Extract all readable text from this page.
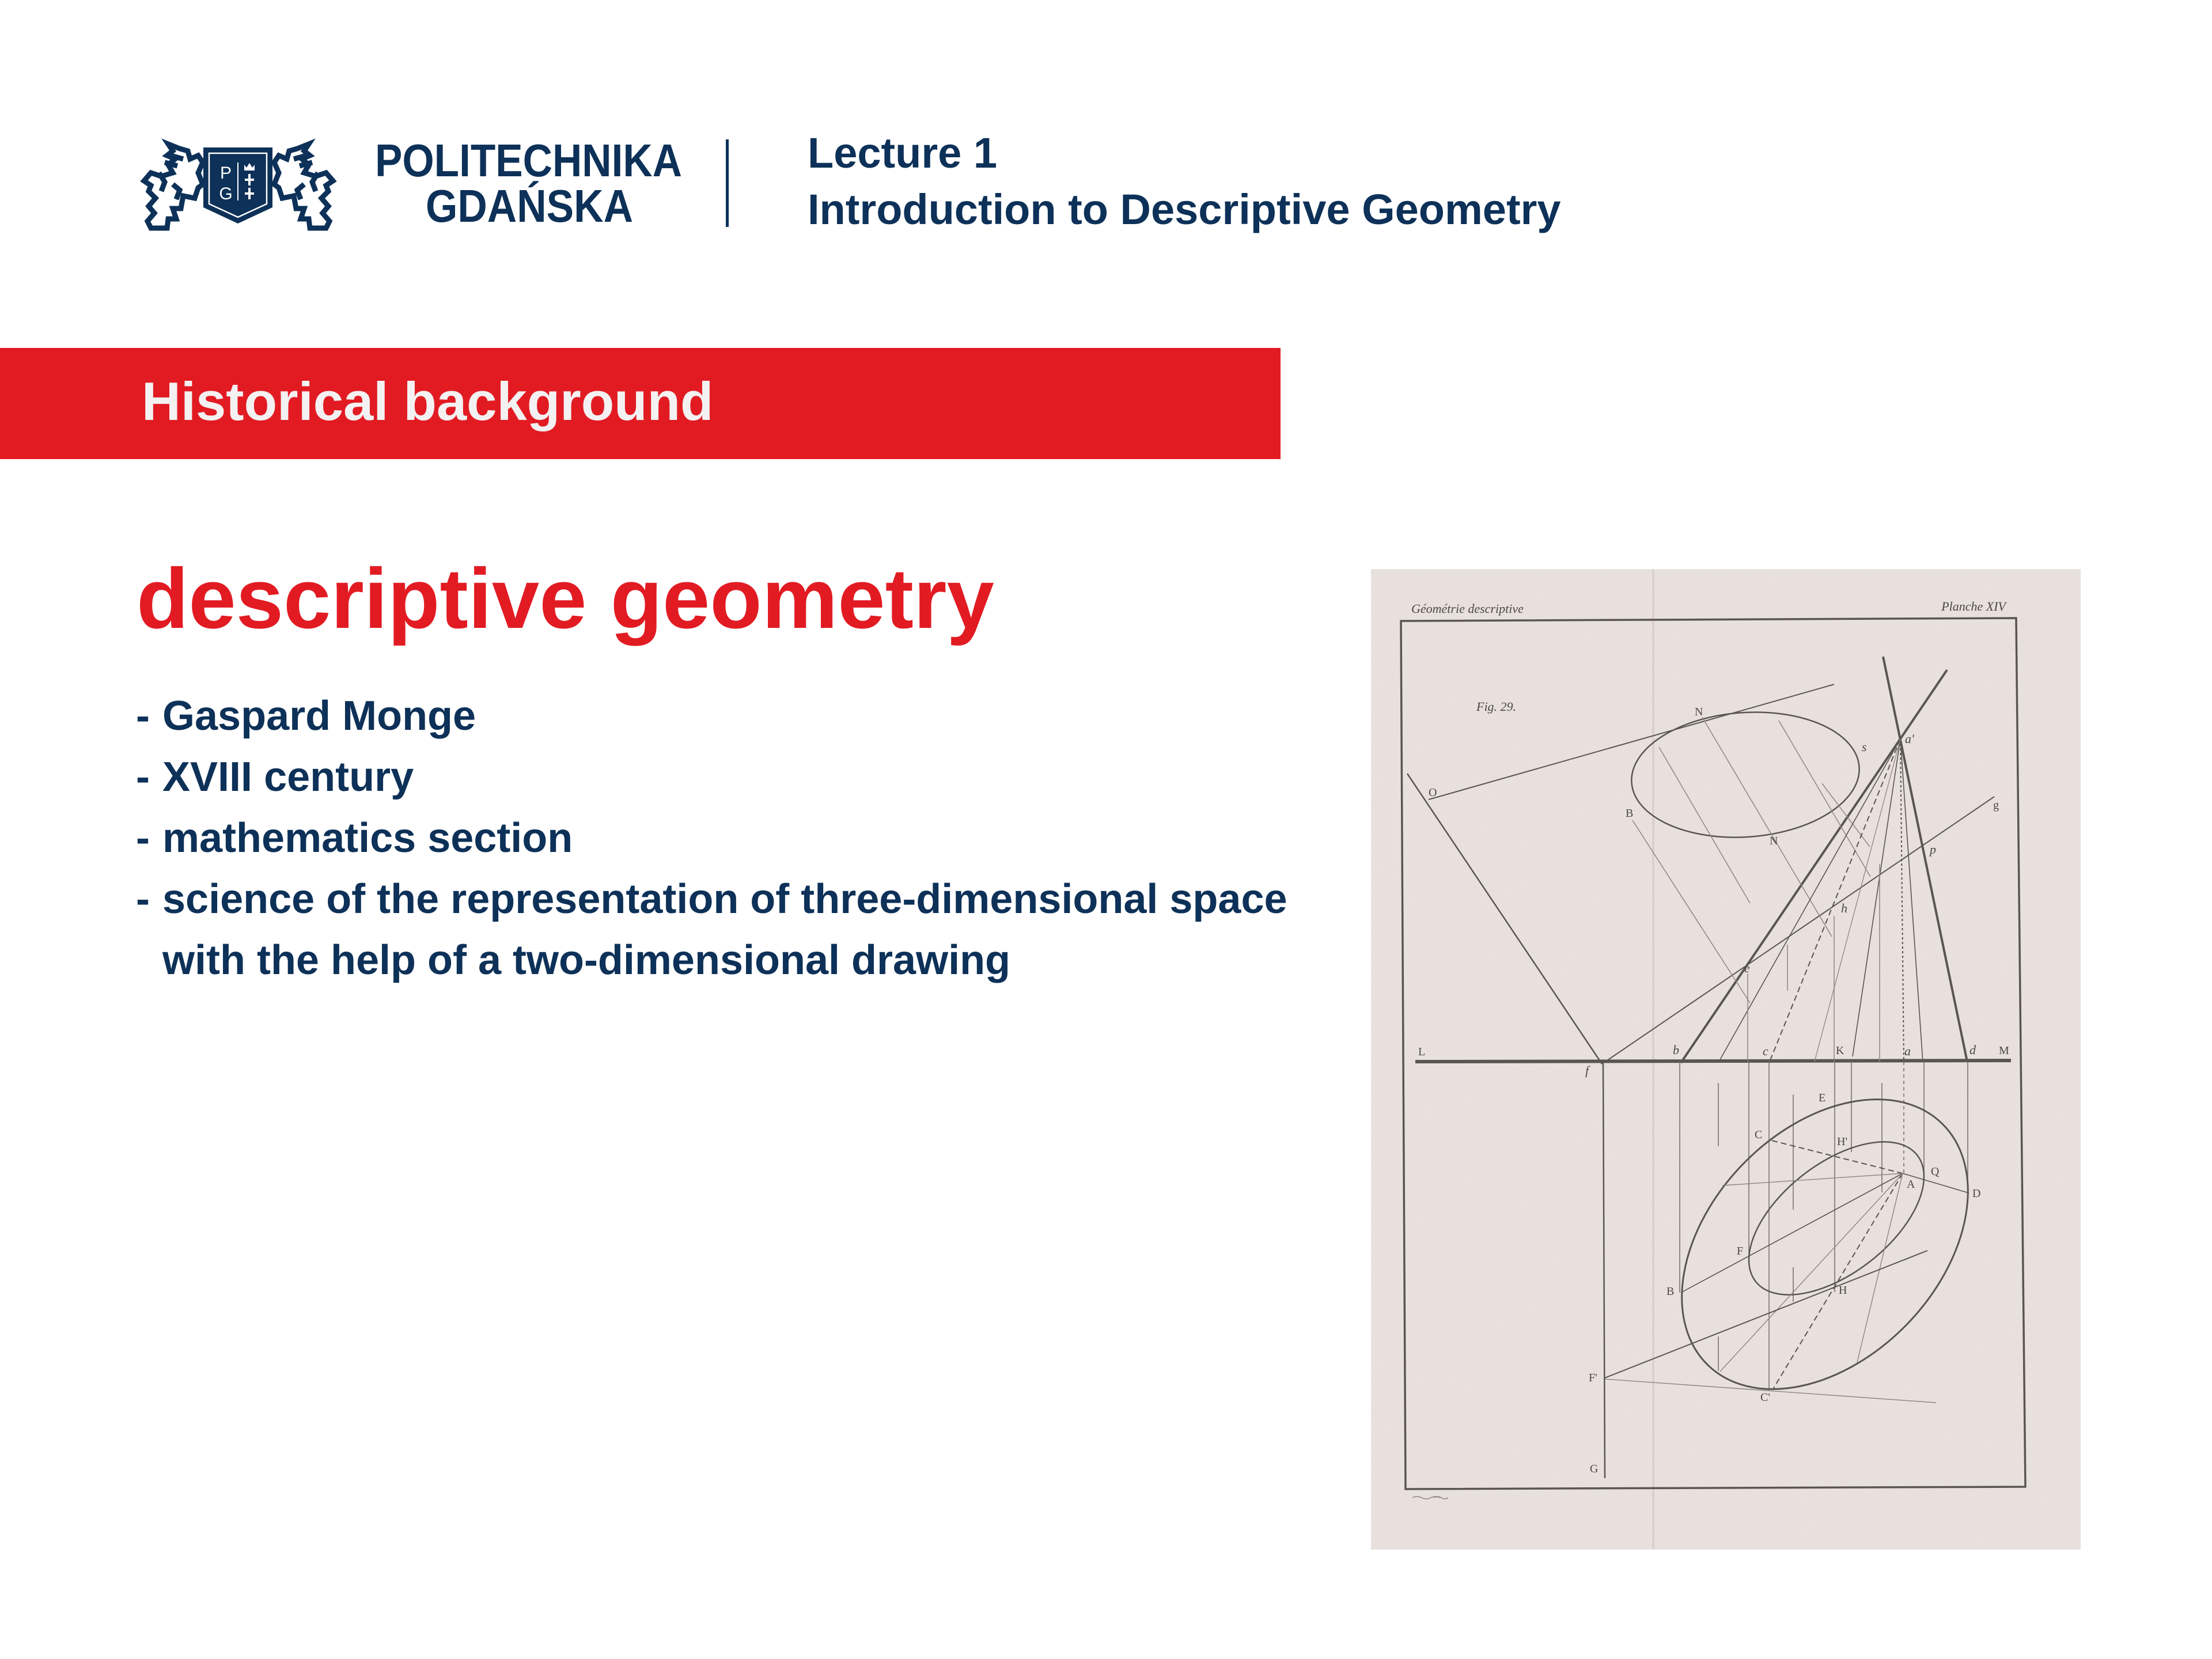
P
G
POLITECHNIKA
GDAŃSKA
Lecture 1
Introduction to Descriptive Geometry
Historical background
descriptive geometry
- Gaspard Monge
- XVIII century
- mathematics section
- science of the representation of three-dimensional space
with the help of a two-dimensional drawing
Géométrie descriptive	Planche XIV
Fig. 29.
O
N
B
N
s
a'
g
p
h
e
L	M
f
b	c	K	a	d
E
C
H'
Q
A
D
F
B	H
F'
C'
G
